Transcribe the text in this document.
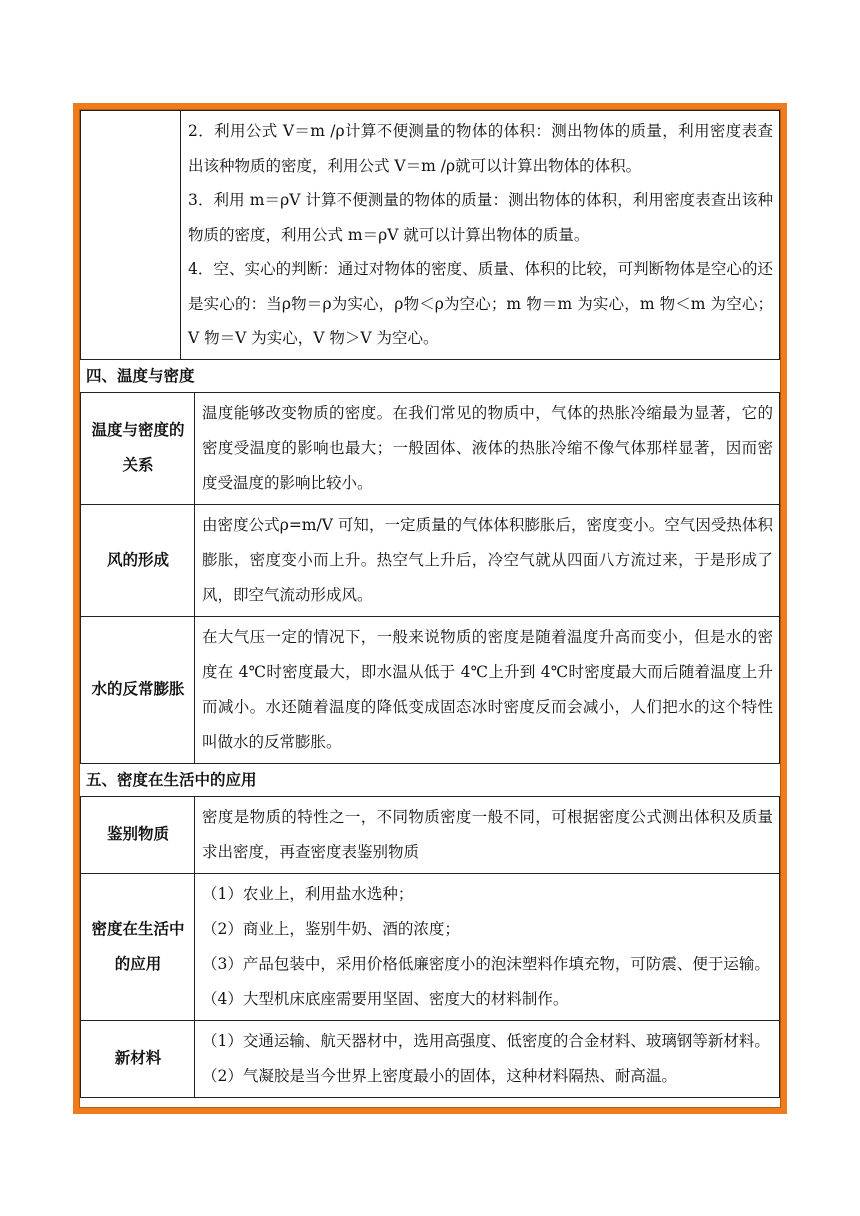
2．利用公式 V＝m /ρ计算不便测量的物体的体积：测出物体的质量，利用密度表查出该种物质的密度，利用公式 V＝m /ρ就可以计算出物体的体积。
3．利用 m＝ρV 计算不便测量的物体的质量：测出物体的体积，利用密度表查出该种物质的密度，利用公式 m＝ρV 就可以计算出物体的质量。
4．空、实心的判断：通过对物体的密度、质量、体积的比较，可判断物体是空心的还是实心的：当ρ物＝ρ为实心，ρ物＜ρ为空心；m 物＝m 为实心，m 物＜m 为空心；V 物＝V 为实心，V 物＞V 为空心。
四、温度与密度
温度与密度的关系	温度能够改变物质的密度。在我们常见的物质中，气体的热胀冷缩最为显著，它的密度受温度的影响也最大；一般固体、液体的热胀冷缩不像气体那样显著，因而密度受温度的影响比较小。
风的形成	由密度公式ρ=m/V 可知，一定质量的气体体积膨胀后，密度变小。空气因受热体积膨胀，密度变小而上升。热空气上升后，冷空气就从四面八方流过来，于是形成了风，即空气流动形成风。
水的反常膨胀	在大气压一定的情况下，一般来说物质的密度是随着温度升高而变小，但是水的密度在 4℃时密度最大，即水温从低于 4℃上升到 4℃时密度最大而后随着温度上升而减小。水还随着温度的降低变成固态冰时密度反而会减小，人们把水的这个特性叫做水的反常膨胀。
五、密度在生活中的应用
鉴别物质	密度是物质的特性之一，不同物质密度一般不同，可根据密度公式测出体积及质量求出密度，再查密度表鉴别物质

密度在生活中的应用	（1）农业上，利用盐水选种；
（2）商业上，鉴别牛奶、酒的浓度；
（3）产品包装中，采用价格低廉密度小的泡沫塑料作填充物，可防震、便于运输。
（4）大型机床底座需要用坚固、密度大的材料制作。

新材料	（1）交通运输、航天器材中，选用高强度、低密度的合金材料、玻璃钢等新材料。
（2）气凝胶是当今世界上密度最小的固体，这种材料隔热、耐高温。
